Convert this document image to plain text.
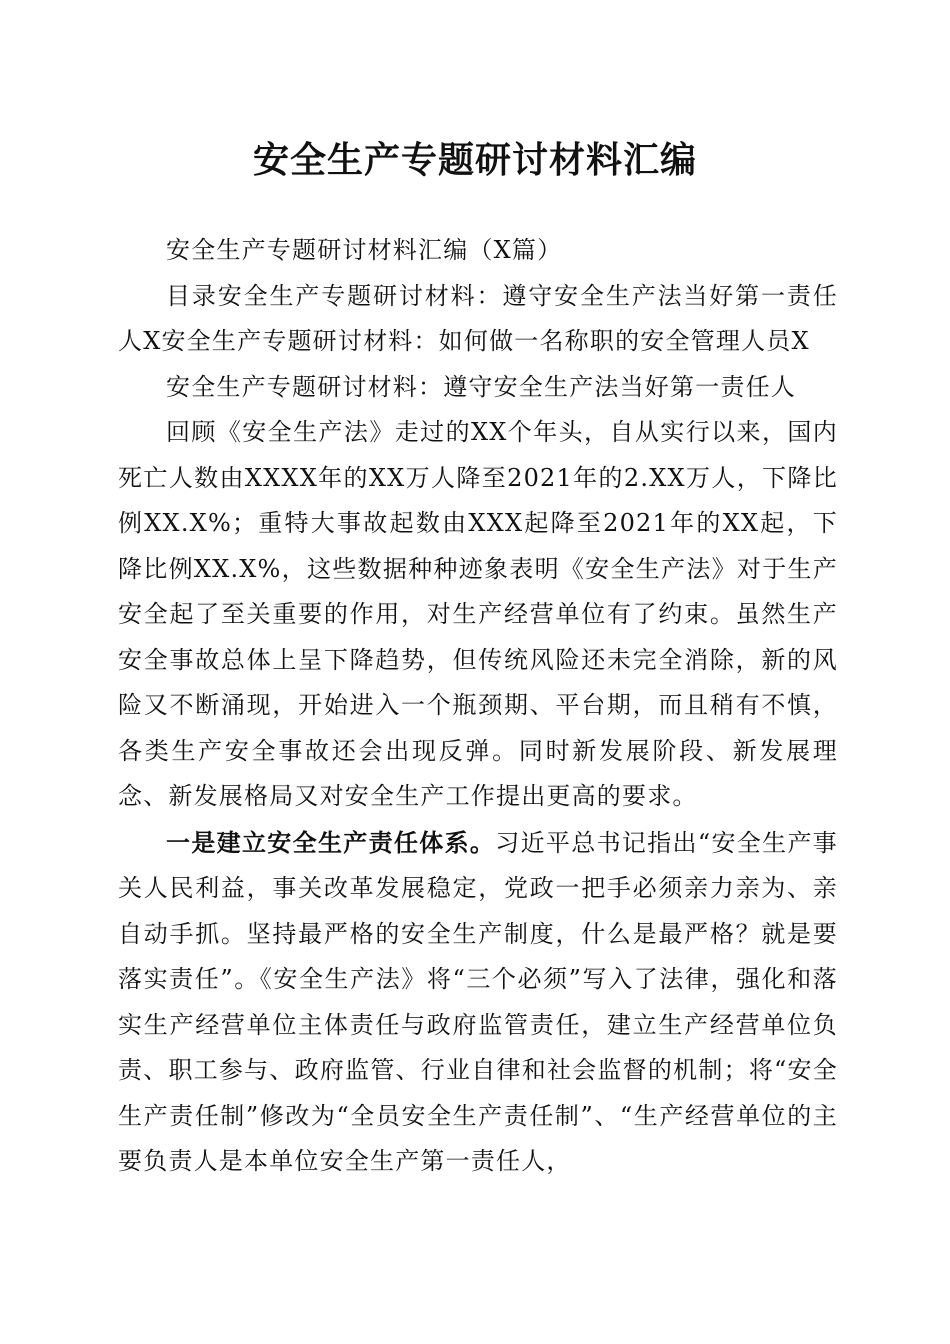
安全生产专题研讨材料汇编

安全生产专题研讨材料汇编（X篇）

目录安全生产专题研讨材料：遵守安全生产法当好第一责任人X安全生产专题研讨材料：如何做一名称职的安全管理人员X

安全生产专题研讨材料：遵守安全生产法当好第一责任人

回顾《安全生产法》走过的XX个年头，自从实行以来，国内死亡人数由XXXX年的XX万人降至2021年的2.XX万人，下降比例XX.X%；重特大事故起数由XXX起降至2021年的XX起，下降比例XX.X%，这些数据种种迹象表明《安全生产法》对于生产安全起了至关重要的作用，对生产经营单位有了约束。虽然生产安全事故总体上呈下降趋势，但传统风险还未完全消除，新的风险又不断涌现，开始进入一个瓶颈期、平台期，而且稍有不慎，各类生产安全事故还会出现反弹。同时新发展阶段、新发展理念、新发展格局又对安全生产工作提出更高的要求。

一是建立安全生产责任体系。习近平总书记指出“安全生产事关人民利益，事关改革发展稳定，党政一把手必须亲力亲为、亲自动手抓。坚持最严格的安全生产制度，什么是最严格？就是要落实责任”。《安全生产法》将“三个必须”写入了法律，强化和落实生产经营单位主体责任与政府监管责任，建立生产经营单位负责、职工参与、政府监管、行业自律和社会监督的机制；将“安全生产责任制”修改为“全员安全生产责任制”、“生产经营单位的主要负责人是本单位安全生产第一责任人，
